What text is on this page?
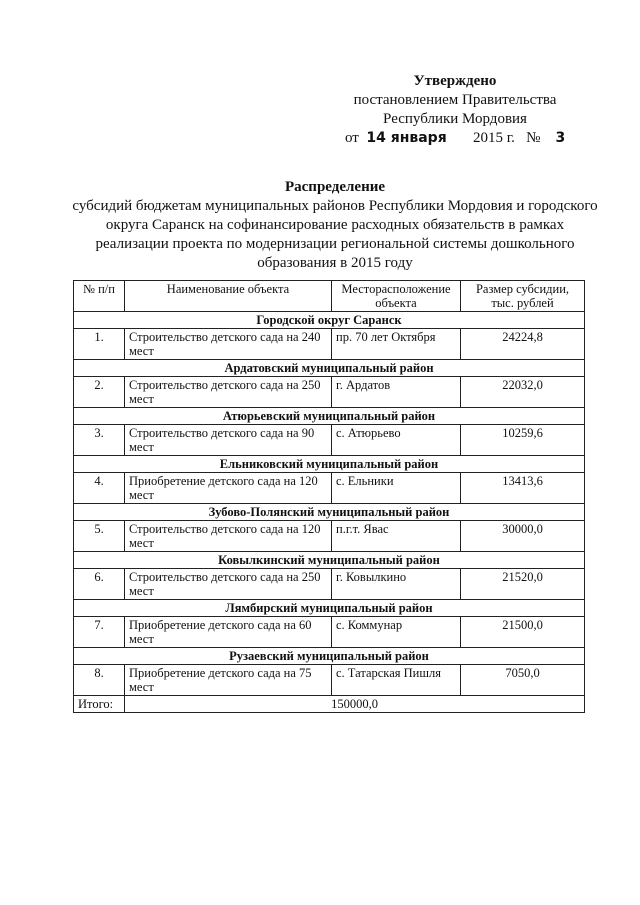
Утверждено
постановлением Правительства
Республики Мордовия
от 14 января 2015 г. № 3
Распределение
субсидий бюджетам муниципальных районов Республики Мордовия и городского округа Саранск на софинансирование расходных обязательств в рамках реализации проекта по модернизации региональной системы дошкольного образования в 2015 году
№ п/п	Наименование объекта	Месторасположение объекта	Размер субсидии, тыс. рублей
Городской округ Саранск			
1.	Строительство детского сада на 240 мест	пр. 70 лет Октября	24224,8
Ардатовский муниципальный район			
2.	Строительство детского сада на 250 мест	г. Ардатов	22032,0
Атюрьевский муниципальный район			
3.	Строительство детского сада на 90 мест	с. Атюрьево	10259,6
Ельниковский муниципальный район			
4.	Приобретение детского сада на 120 мест	с. Ельники	13413,6
Зубово-Полянский муниципальный район			
5.	Строительство детского сада на 120 мест	п.г.т. Явас	30000,0
Ковылкинский муниципальный район			
6.	Строительство детского сада на 250 мест	г. Ковылкино	21520,0
Лямбирский муниципальный район			
7.	Приобретение детского сада на 60 мест	с. Коммунар	21500,0
Рузаевский муниципальный район			
8.	Приобретение детского сада на 75 мест	с. Татарская Пишля	7050,0
Итого:	150000,0		
